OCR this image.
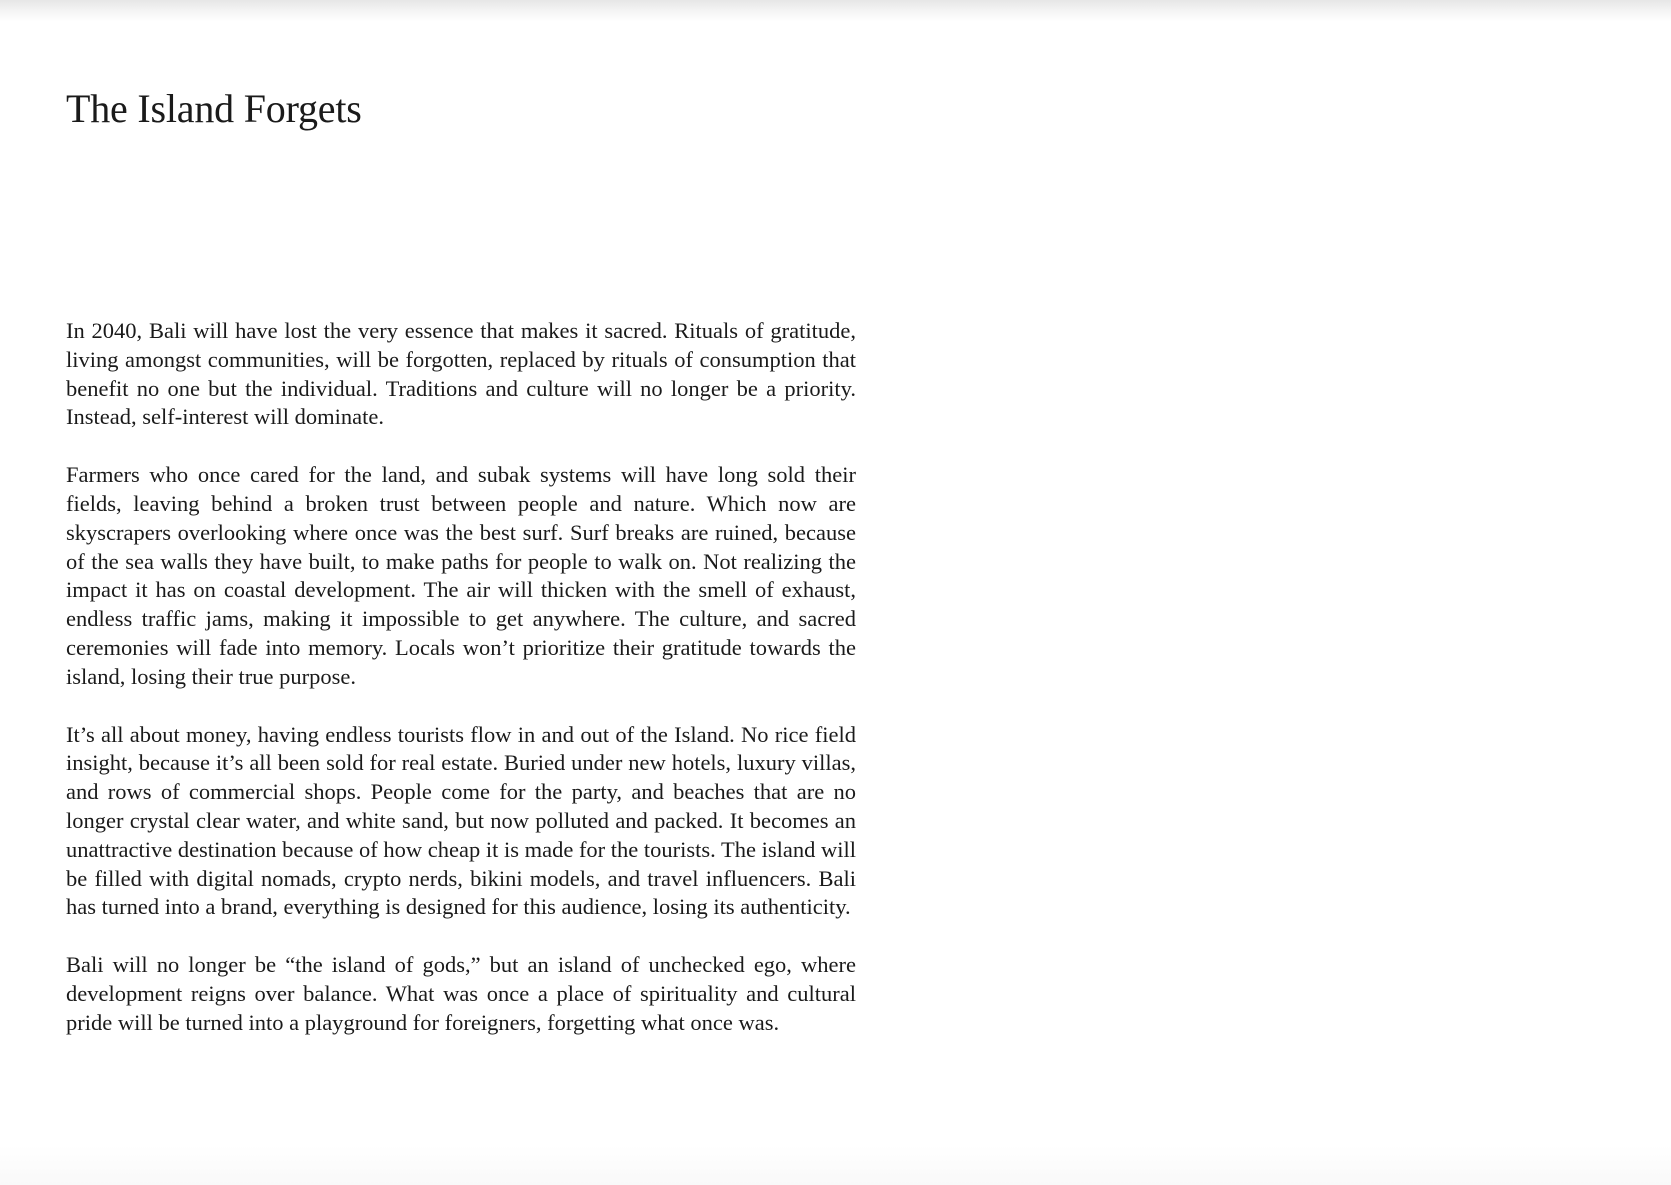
The Island Forgets

In 2040, Bali will have lost the very essence that makes it sacred. Rituals of gratitude, living amongst communities, will be forgotten, replaced by rituals of consumption that benefit no one but the individual. Traditions and culture will no longer be a priority. Instead, self-interest will dominate.

Farmers who once cared for the land, and subak systems will have long sold their fields, leaving behind a broken trust between people and nature. Which now are skyscrapers overlooking where once was the best surf. Surf breaks are ruined, because of the sea walls they have built, to make paths for people to walk on. Not realizing the impact it has on coastal development. The air will thicken with the smell of exhaust, endless traffic jams, making it impossible to get anywhere. The culture, and sacred ceremonies will fade into memory. Locals won’t prioritize their gratitude towards the island, losing their true purpose.

It’s all about money, having endless tourists flow in and out of the Island. No rice field insight, because it’s all been sold for real estate. Buried under new hotels, luxury villas, and rows of commercial shops. People come for the party, and beaches that are no longer crystal clear water, and white sand, but now polluted and packed. It becomes an unattractive destination because of how cheap it is made for the tourists. The island will be filled with digital nomads, crypto nerds, bikini models, and travel influencers. Bali has turned into a brand, everything is designed for this audience, losing its authenticity.

Bali will no longer be “the island of gods,” but an island of unchecked ego, where development reigns over balance. What was once a place of spirituality and cultural pride will be turned into a playground for foreigners, forgetting what once was.
